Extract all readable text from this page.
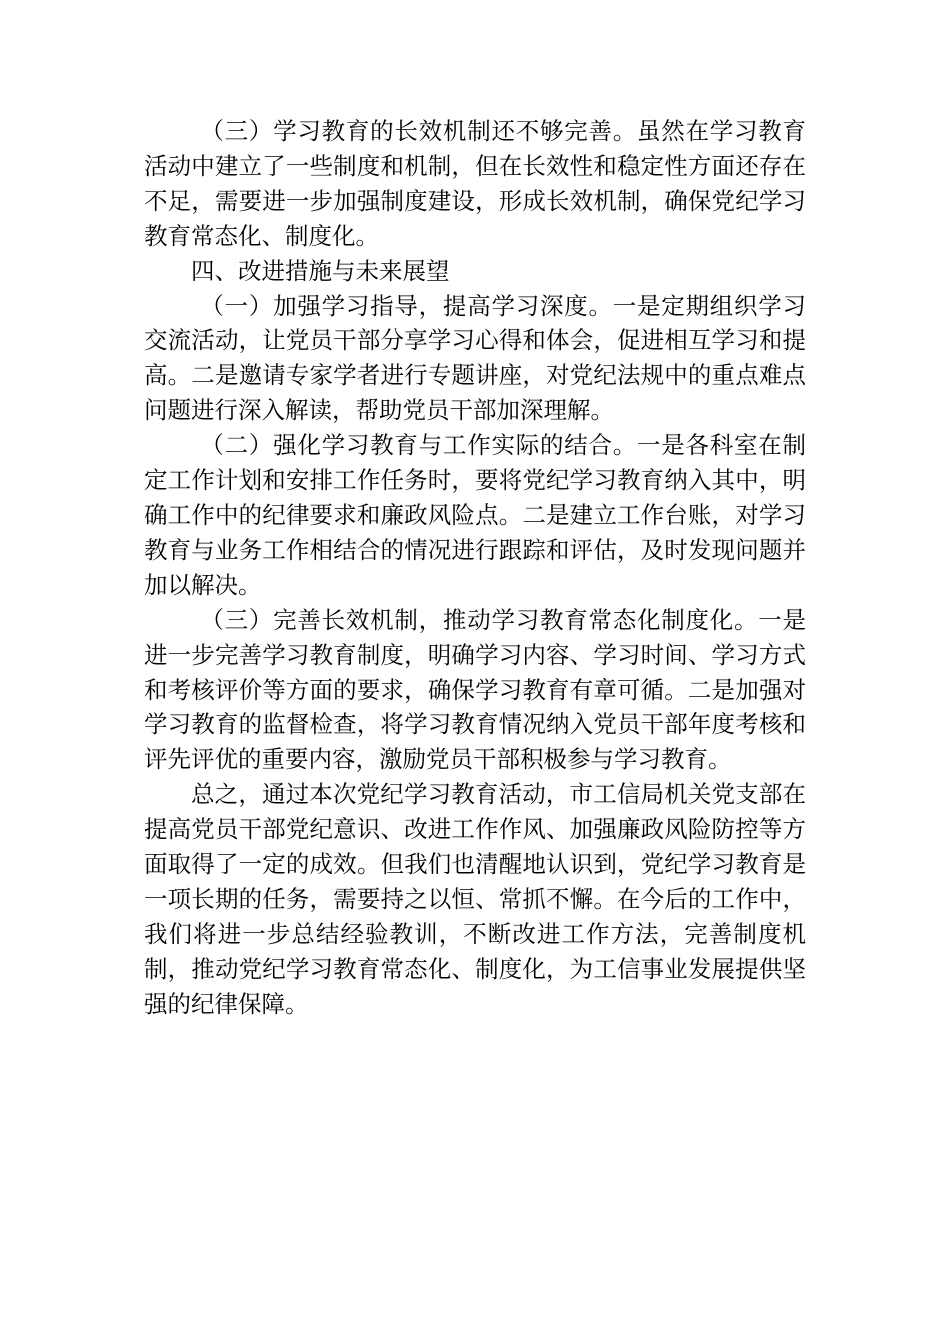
（三）学习教育的长效机制还不够完善。虽然在学习教育活动中建立了一些制度和机制，但在长效性和稳定性方面还存在不足，需要进一步加强制度建设，形成长效机制，确保党纪学习教育常态化、制度化。

四、改进措施与未来展望

（一）加强学习指导，提高学习深度。一是定期组织学习交流活动，让党员干部分享学习心得和体会，促进相互学习和提高。二是邀请专家学者进行专题讲座，对党纪法规中的重点难点问题进行深入解读，帮助党员干部加深理解。

（二）强化学习教育与工作实际的结合。一是各科室在制定工作计划和安排工作任务时，要将党纪学习教育纳入其中，明确工作中的纪律要求和廉政风险点。二是建立工作台账，对学习教育与业务工作相结合的情况进行跟踪和评估，及时发现问题并加以解决。

（三）完善长效机制，推动学习教育常态化制度化。一是进一步完善学习教育制度，明确学习内容、学习时间、学习方式和考核评价等方面的要求，确保学习教育有章可循。二是加强对学习教育的监督检查，将学习教育情况纳入党员干部年度考核和评先评优的重要内容，激励党员干部积极参与学习教育。

总之，通过本次党纪学习教育活动，市工信局机关党支部在提高党员干部党纪意识、改进工作作风、加强廉政风险防控等方面取得了一定的成效。但我们也清醒地认识到，党纪学习教育是一项长期的任务，需要持之以恒、常抓不懈。在今后的工作中，我们将进一步总结经验教训，不断改进工作方法，完善制度机制，推动党纪学习教育常态化、制度化，为工信事业发展提供坚强的纪律保障。
